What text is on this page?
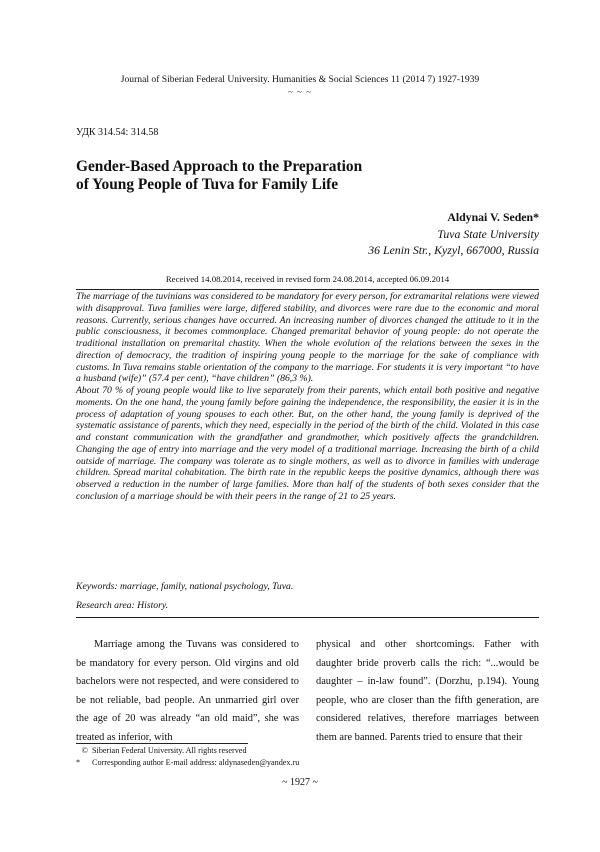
Journal of Siberian Federal University. Humanities & Social Sciences 11 (2014 7) 1927-1939
~ ~ ~
УДК 314.54: 314.58
Gender-Based Approach to the Preparation
of Young People of Tuva for Family Life
Aldynai V. Seden*
Tuva State University
36 Lenin Str., Kyzyl, 667000, Russia
Received 14.08.2014, received in revised form 24.08.2014, accepted 06.09.2014

The marriage of the tuvinians was considered to be mandatory for every person, for extramarital relations were viewed with disapproval. Tuva families were large, differed stability, and divorces were rare due to the economic and moral reasons. Currently, serious changes have occurred. An increasing number of divorces changed the attitude to it in the public consciousness, it becomes commonplace. Changed premarital behavior of young people: do not operate the traditional installation on premarital chastity. When the whole evolution of the relations between the sexes in the direction of democracy, the tradition of inspiring young people to the marriage for the sake of compliance with customs. In Tuva remains stable orientation of the company to the marriage. For students it is very important “to have a husband (wife)” (57.4 per cent), “have children” (86,3 %).

About 70 % of young people would like to live separately from their parents, which entail both positive and negative moments. On the one hand, the young family before gaining the independence, the responsibility, the easier it is in the process of adaptation of young spouses to each other. But, on the other hand, the young family is deprived of the systematic assistance of parents, which they need, especially in the period of the birth of the child. Violated in this case and constant communication with the grandfather and grandmother, which positively affects the grandchildren. Changing the age of entry into marriage and the very model of a traditional marriage. Increasing the birth of a child outside of marriage. The company was tolerate as to single mothers, as well as to divorce in families with underage children. Spread marital cohabitation. The birth rate in the republic keeps the positive dynamics, although there was observed a reduction in the number of large families. More than half of the students of both sexes consider that the conclusion of a marriage should be with their peers in the range of 21 to 25 years.

Keywords: marriage, family, national psychology, Tuva.
Research area: History.
Marriage among the Tuvans was considered to be mandatory for every person. Old virgins and old bachelors were not respected, and were considered to be not reliable, bad people. An unmarried girl over the age of 20 was already “an old maid”, she was treated as inferior, with
physical and other shortcomings. Father with daughter bride proverb calls the rich: “...would be daughter – in-law found”. (Dorzhu, p.194). Young people, who are closer than the fifth generation, are considered relatives, therefore marriages between them are banned. Parents tried to ensure that their
© Siberian Federal University. All rights reserved
* Corresponding author E-mail address: aldynaseden@yandex.ru
~ 1927 ~
